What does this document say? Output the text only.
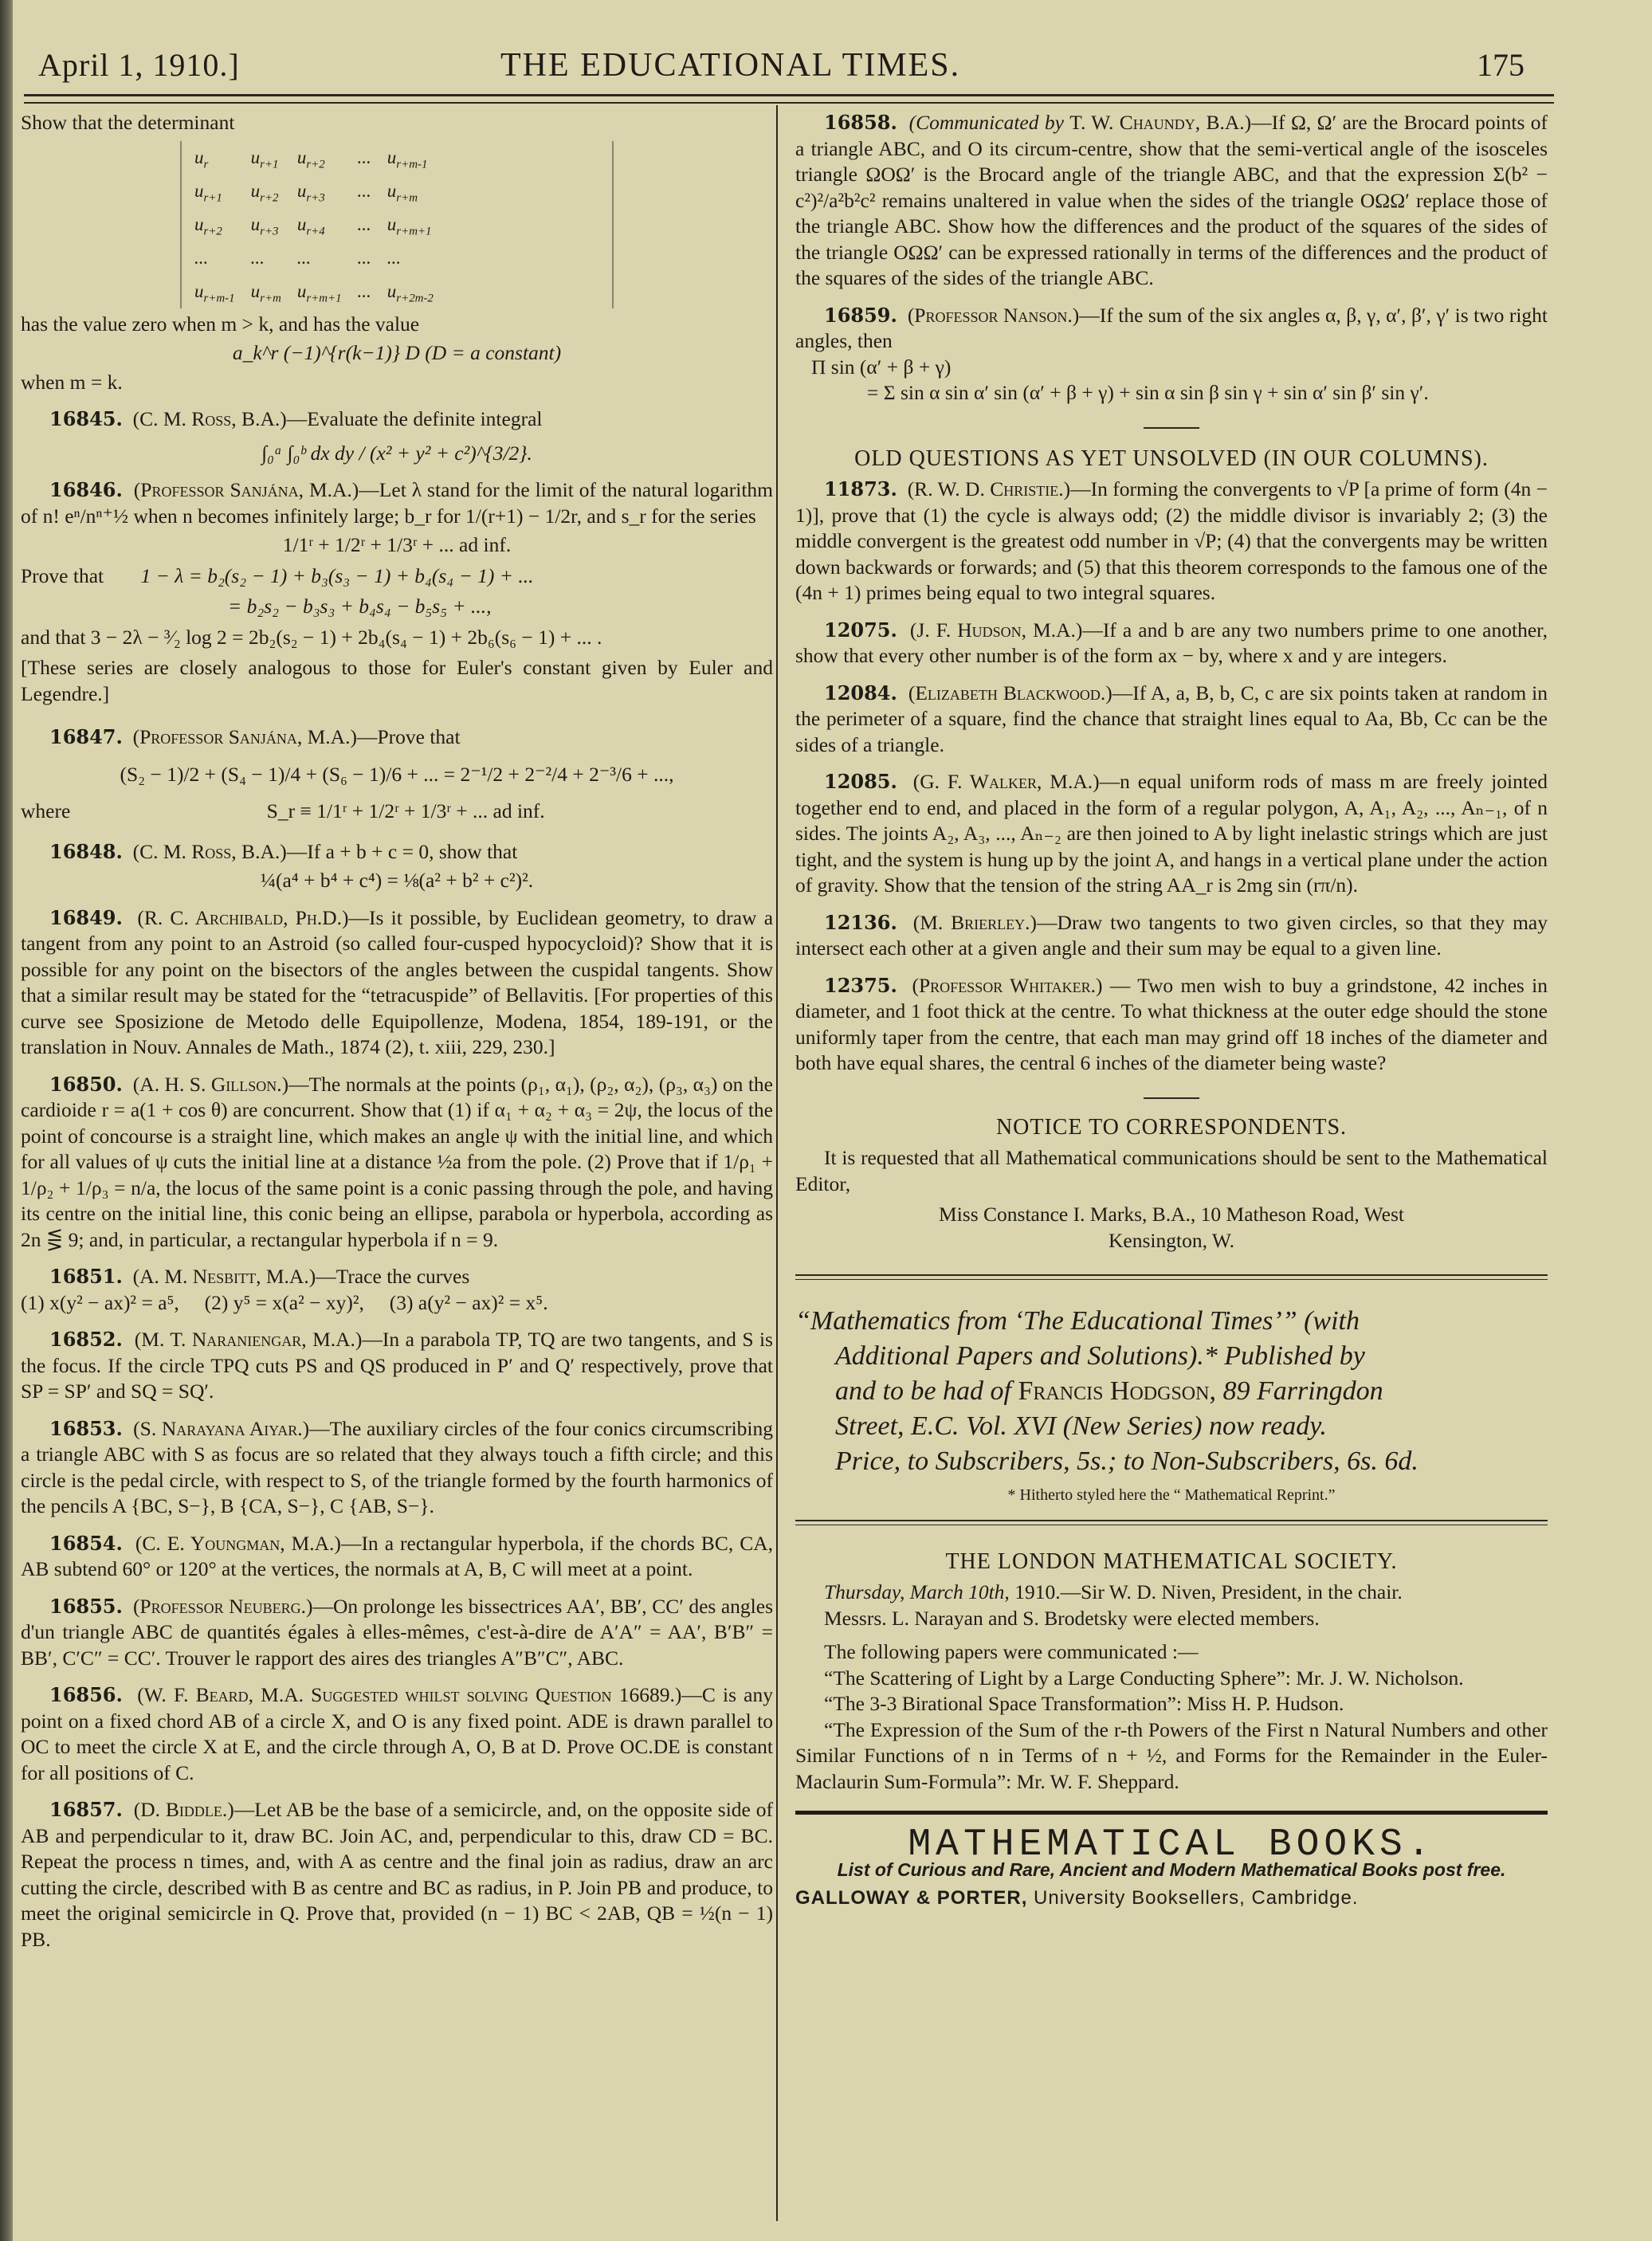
April 1, 1910.]	THE EDUCATIONAL TIMES.	175

Show that the determinant

$u_r$	$u_{r+1}$	$u_{r+2}$	...	$u_{r+m-1}$
$u_{r+1}$	$u_{r+2}$	$u_{r+3}$	...	$u_{r+m}$
$u_{r+2}$	$u_{r+3}$	$u_{r+4}$	...	$u_{r+m+1}$
...	...	...	...	...
$u_{r+m-1}$	$u_{r+m}$	$u_{r+m+1}$	...	$u_{r+2m-2}$

has the value zero when m > k, and has the value

a_k^r (−1)^{r(k−1)} D (D = a constant)

when m = k.

16845. (C. M. Ross, B.A.)—Evaluate the definite integral

∫₀ᵃ ∫₀ᵇ dx dy / (x² + y² + c²)^{3/2}.

16846. (Professor Sanjána, M.A.)—Let λ stand for the limit of the natural logarithm of n! eⁿ/nⁿ⁺½ when n becomes infinitely large; b_r for 1/(r+1) − 1/2r, and s_r for the series

1/1ʳ + 1/2ʳ + 1/3ʳ + ... ad inf.

Prove that 1 − λ = b₂(s₂ − 1) + b₃(s₃ − 1) + b₄(s₄ − 1) + ...

= b₂s₂ − b₃s₃ + b₄s₄ − b₅s₅ + ...,

and that 3 − 2λ − ³⁄₂ log 2 = 2b₂(s₂ − 1) + 2b₄(s₄ − 1) + 2b₆(s₆ − 1) + ... .

[These series are closely analogous to those for Euler's constant given by Euler and Legendre.]

16847. (Professor Sanjána, M.A.)—Prove that

(S₂ − 1)/2 + (S₄ − 1)/4 + (S₆ − 1)/6 + ... = 2⁻¹/2 + 2⁻²/4 + 2⁻³/6 + ...,

where	S_r ≡ 1/1ʳ + 1/2ʳ + 1/3ʳ + ... ad inf.

16848. (C. M. Ross, B.A.)—If a + b + c = 0, show that

¼(a⁴ + b⁴ + c⁴) = ⅛(a² + b² + c²)².

16849. (R. C. Archibald, Ph.D.)—Is it possible, by Euclidean geometry, to draw a tangent from any point to an Astroid (so called four-cusped hypocycloid)? Show that it is possible for any point on the bisectors of the angles between the cuspidal tangents. Show that a similar result may be stated for the “tetracuspide” of Bellavitis. [For properties of this curve see Sposizione de Metodo delle Equipollenze, Modena, 1854, 189-191, or the translation in Nouv. Annales de Math., 1874 (2), t. xiii, 229, 230.]

16850. (A. H. S. Gillson.)—The normals at the points (ρ₁, α₁), (ρ₂, α₂), (ρ₃, α₃) on the cardioide r = a(1 + cos θ) are concurrent. Show that (1) if α₁ + α₂ + α₃ = 2ψ, the locus of the point of concourse is a straight line, which makes an angle ψ with the initial line, and which for all values of ψ cuts the initial line at a distance ½a from the pole. (2) Prove that if 1/ρ₁ + 1/ρ₂ + 1/ρ₃ = n/a, the locus of the same point is a conic passing through the pole, and having its centre on the initial line, this conic being an ellipse, parabola or hyperbola, according as 2n ⋚ 9; and, in particular, a rectangular hyperbola if n = 9.

16851. (A. M. Nesbitt, M.A.)—Trace the curves

(1) x(y² − ax)² = a⁵,     (2) y⁵ = x(a² − xy)²,     (3) a(y² − ax)² = x⁵.

16852. (M. T. Naraniengar, M.A.)—In a parabola TP, TQ are two tangents, and S is the focus. If the circle TPQ cuts PS and QS produced in P′ and Q′ respectively, prove that SP = SP′ and SQ = SQ′.

16853. (S. Narayana Aiyar.)—The auxiliary circles of the four conics circumscribing a triangle ABC with S as focus are so related that they always touch a fifth circle; and this circle is the pedal circle, with respect to S, of the triangle formed by the fourth harmonics of the pencils A {BC, S−}, B {CA, S−}, C {AB, S−}.

16854. (C. E. Youngman, M.A.)—In a rectangular hyperbola, if the chords BC, CA, AB subtend 60° or 120° at the vertices, the normals at A, B, C will meet at a point.

16855. (Professor Neuberg.)—On prolonge les bissectrices AA′, BB′, CC′ des angles d'un triangle ABC de quantités égales à elles-mêmes, c'est-à-dire de A′A″ = AA′, B′B″ = BB′, C′C″ = CC′. Trouver le rapport des aires des triangles A″B″C″, ABC.

16856. (W. F. Beard, M.A. Suggested whilst solving Question 16689.)—C is any point on a fixed chord AB of a circle X, and O is any fixed point. ADE is drawn parallel to OC to meet the circle X at E, and the circle through A, O, B at D. Prove OC.DE is constant for all positions of C.

16857. (D. Biddle.)—Let AB be the base of a semicircle, and, on the opposite side of AB and perpendicular to it, draw BC. Join AC, and, perpendicular to this, draw CD = BC. Repeat the process n times, and, with A as centre and the final join as radius, draw an arc cutting the circle, described with B as centre and BC as radius, in P. Join PB and produce, to meet the original semicircle in Q. Prove that, provided (n − 1) BC < 2AB, QB = ½(n − 1) PB.

16858. (Communicated by T. W. Chaundy, B.A.)—If Ω, Ω′ are the Brocard points of a triangle ABC, and O its circum-centre, show that the semi-vertical angle of the isosceles triangle ΩOΩ′ is the Brocard angle of the triangle ABC, and that the expression Σ(b² − c²)²/a²b²c² remains unaltered in value when the sides of the triangle OΩΩ′ replace those of the triangle ABC. Show how the differences and the product of the squares of the sides of the triangle OΩΩ′ can be expressed rationally in terms of the differences and the product of the squares of the sides of the triangle ABC.

16859. (Professor Nanson.)—If the sum of the six angles α, β, γ, α′, β′, γ′ is two right angles, then

Π sin (α′ + β + γ)

= Σ sin α sin α′ sin (α′ + β + γ) + sin α sin β sin γ + sin α′ sin β′ sin γ′.

OLD QUESTIONS AS YET UNSOLVED (IN OUR COLUMNS).

11873. (R. W. D. Christie.)—In forming the convergents to √P [a prime of form (4n − 1)], prove that (1) the cycle is always odd; (2) the middle divisor is invariably 2; (3) the middle convergent is the greatest odd number in √P; (4) that the convergents may be written down backwards or forwards; and (5) that this theorem corresponds to the famous one of the (4n + 1) primes being equal to two integral squares.

12075. (J. F. Hudson, M.A.)—If a and b are any two numbers prime to one another, show that every other number is of the form ax − by, where x and y are integers.

12084. (Elizabeth Blackwood.)—If A, a, B, b, C, c are six points taken at random in the perimeter of a square, find the chance that straight lines equal to Aa, Bb, Cc can be the sides of a triangle.

12085. (G. F. Walker, M.A.)—n equal uniform rods of mass m are freely jointed together end to end, and placed in the form of a regular polygon, A, A₁, A₂, ..., Aₙ₋₁, of n sides. The joints A₂, A₃, ..., Aₙ₋₂ are then joined to A by light inelastic strings which are just tight, and the system is hung up by the joint A, and hangs in a vertical plane under the action of gravity. Show that the tension of the string AA_r is 2mg sin (rπ/n).

12136. (M. Brierley.)—Draw two tangents to two given circles, so that they may intersect each other at a given angle and their sum may be equal to a given line.

12375. (Professor Whitaker.) — Two men wish to buy a grindstone, 42 inches in diameter, and 1 foot thick at the centre. To what thickness at the outer edge should the stone uniformly taper from the centre, that each man may grind off 18 inches of the diameter and both have equal shares, the central 6 inches of the diameter being waste?

NOTICE TO CORRESPONDENTS.

It is requested that all Mathematical communications should be sent to the Mathematical Editor,

Miss Constance I. Marks, B.A., 10 Matheson Road, West

Kensington, W.

“Mathematics from ‘The Educational Times’” (with

Additional Papers and Solutions).* Published by

and to be had of Francis Hodgson, 89 Farringdon

Street, E.C. Vol. XVI (New Series) now ready.

Price, to Subscribers, 5s.; to Non-Subscribers, 6s. 6d.

* Hitherto styled here the “ Mathematical Reprint.”

THE LONDON MATHEMATICAL SOCIETY.

Thursday, March 10th, 1910.—Sir W. D. Niven, President, in the chair.

Messrs. L. Narayan and S. Brodetsky were elected members.

The following papers were communicated :—

“The Scattering of Light by a Large Conducting Sphere”: Mr. J. W. Nicholson.

“The 3-3 Birational Space Transformation”: Miss H. P. Hudson.

“The Expression of the Sum of the r-th Powers of the First n Natural Numbers and other Similar Functions of n in Terms of n + ½, and Forms for the Remainder in the Euler-Maclaurin Sum-Formula”: Mr. W. F. Sheppard.

MATHEMATICAL BOOKS.
List of Curious and Rare, Ancient and Modern Mathematical Books post free.
GALLOWAY & PORTER, University Booksellers, Cambridge.
